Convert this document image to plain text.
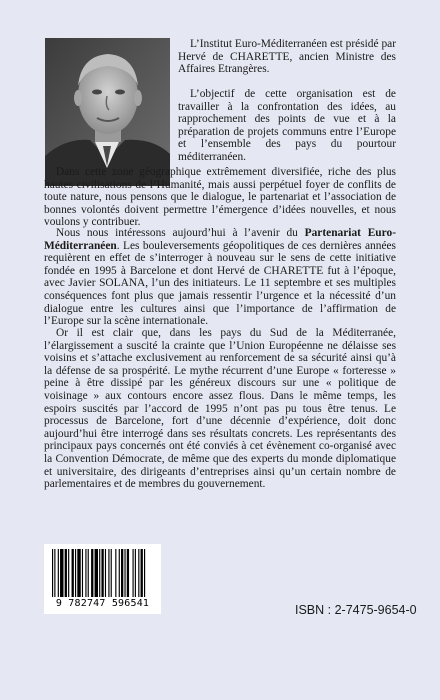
L’Institut Euro-Méditerranéen est présidé par Hervé de CHARETTE, ancien Ministre des Affaires Etrangères.

L’objectif de cette organisation est de travailler à la confrontation des idées, au rapprochement des points de vue et à la préparation de projets communs entre l’Europe et l’ensemble des pays du pourtour méditerranéen.

Dans cette zone géographique extrêmement diversifiée, riche des plus hautes civilisations de l’Humanité, mais aussi perpétuel foyer de conflits de toute nature, nous pensons que le dialogue, le partenariat et l’association de bonnes volontés doivent permettre l’émergence d’idées nouvelles, et nous voulons y contribuer.

Nous nous intéressons aujourd’hui à l’avenir du Partenariat Euro-Méditerranéen. Les bouleversements géopolitiques de ces dernières années requièrent en effet de s’interroger à nouveau sur le sens de cette initiative fondée en 1995 à Barcelone et dont Hervé de CHARETTE fut à l’époque, avec Javier SOLANA, l’un des initiateurs. Le 11 septembre et ses multiples conséquences font plus que jamais ressentir l’urgence et la nécessité d’un dialogue entre les cultures ainsi que l’importance de l’affirmation de l’Europe sur la scène internationale.

Or il est clair que, dans les pays du Sud de la Méditerranée, l’élargissement a suscité la crainte que l’Union Européenne ne délaisse ses voisins et s’attache exclusivement au renforcement de sa sécurité ainsi qu’à la défense de sa prospérité. Le mythe récurrent d’une Europe « forteresse » peine à être dissipé par les généreux discours sur une « politique de voisinage » aux contours encore assez flous. Dans le même temps, les espoirs suscités par l’accord de 1995 n’ont pas pu tous être tenus. Le processus de Barcelone, fort d’une décennie d’expérience, doit donc aujourd’hui être interrogé dans ses résultats concrets. Les représentants des principaux pays concernés ont été conviés à cet évènement co-organisé avec la Convention Démocrate, de même que des experts du monde diplomatique et universitaire, des dirigeants d’entreprises ainsi qu’un certain nombre de parlementaires et de membres du gouvernement.

9 782747 596541	ISBN : 2-7475-9654-0
